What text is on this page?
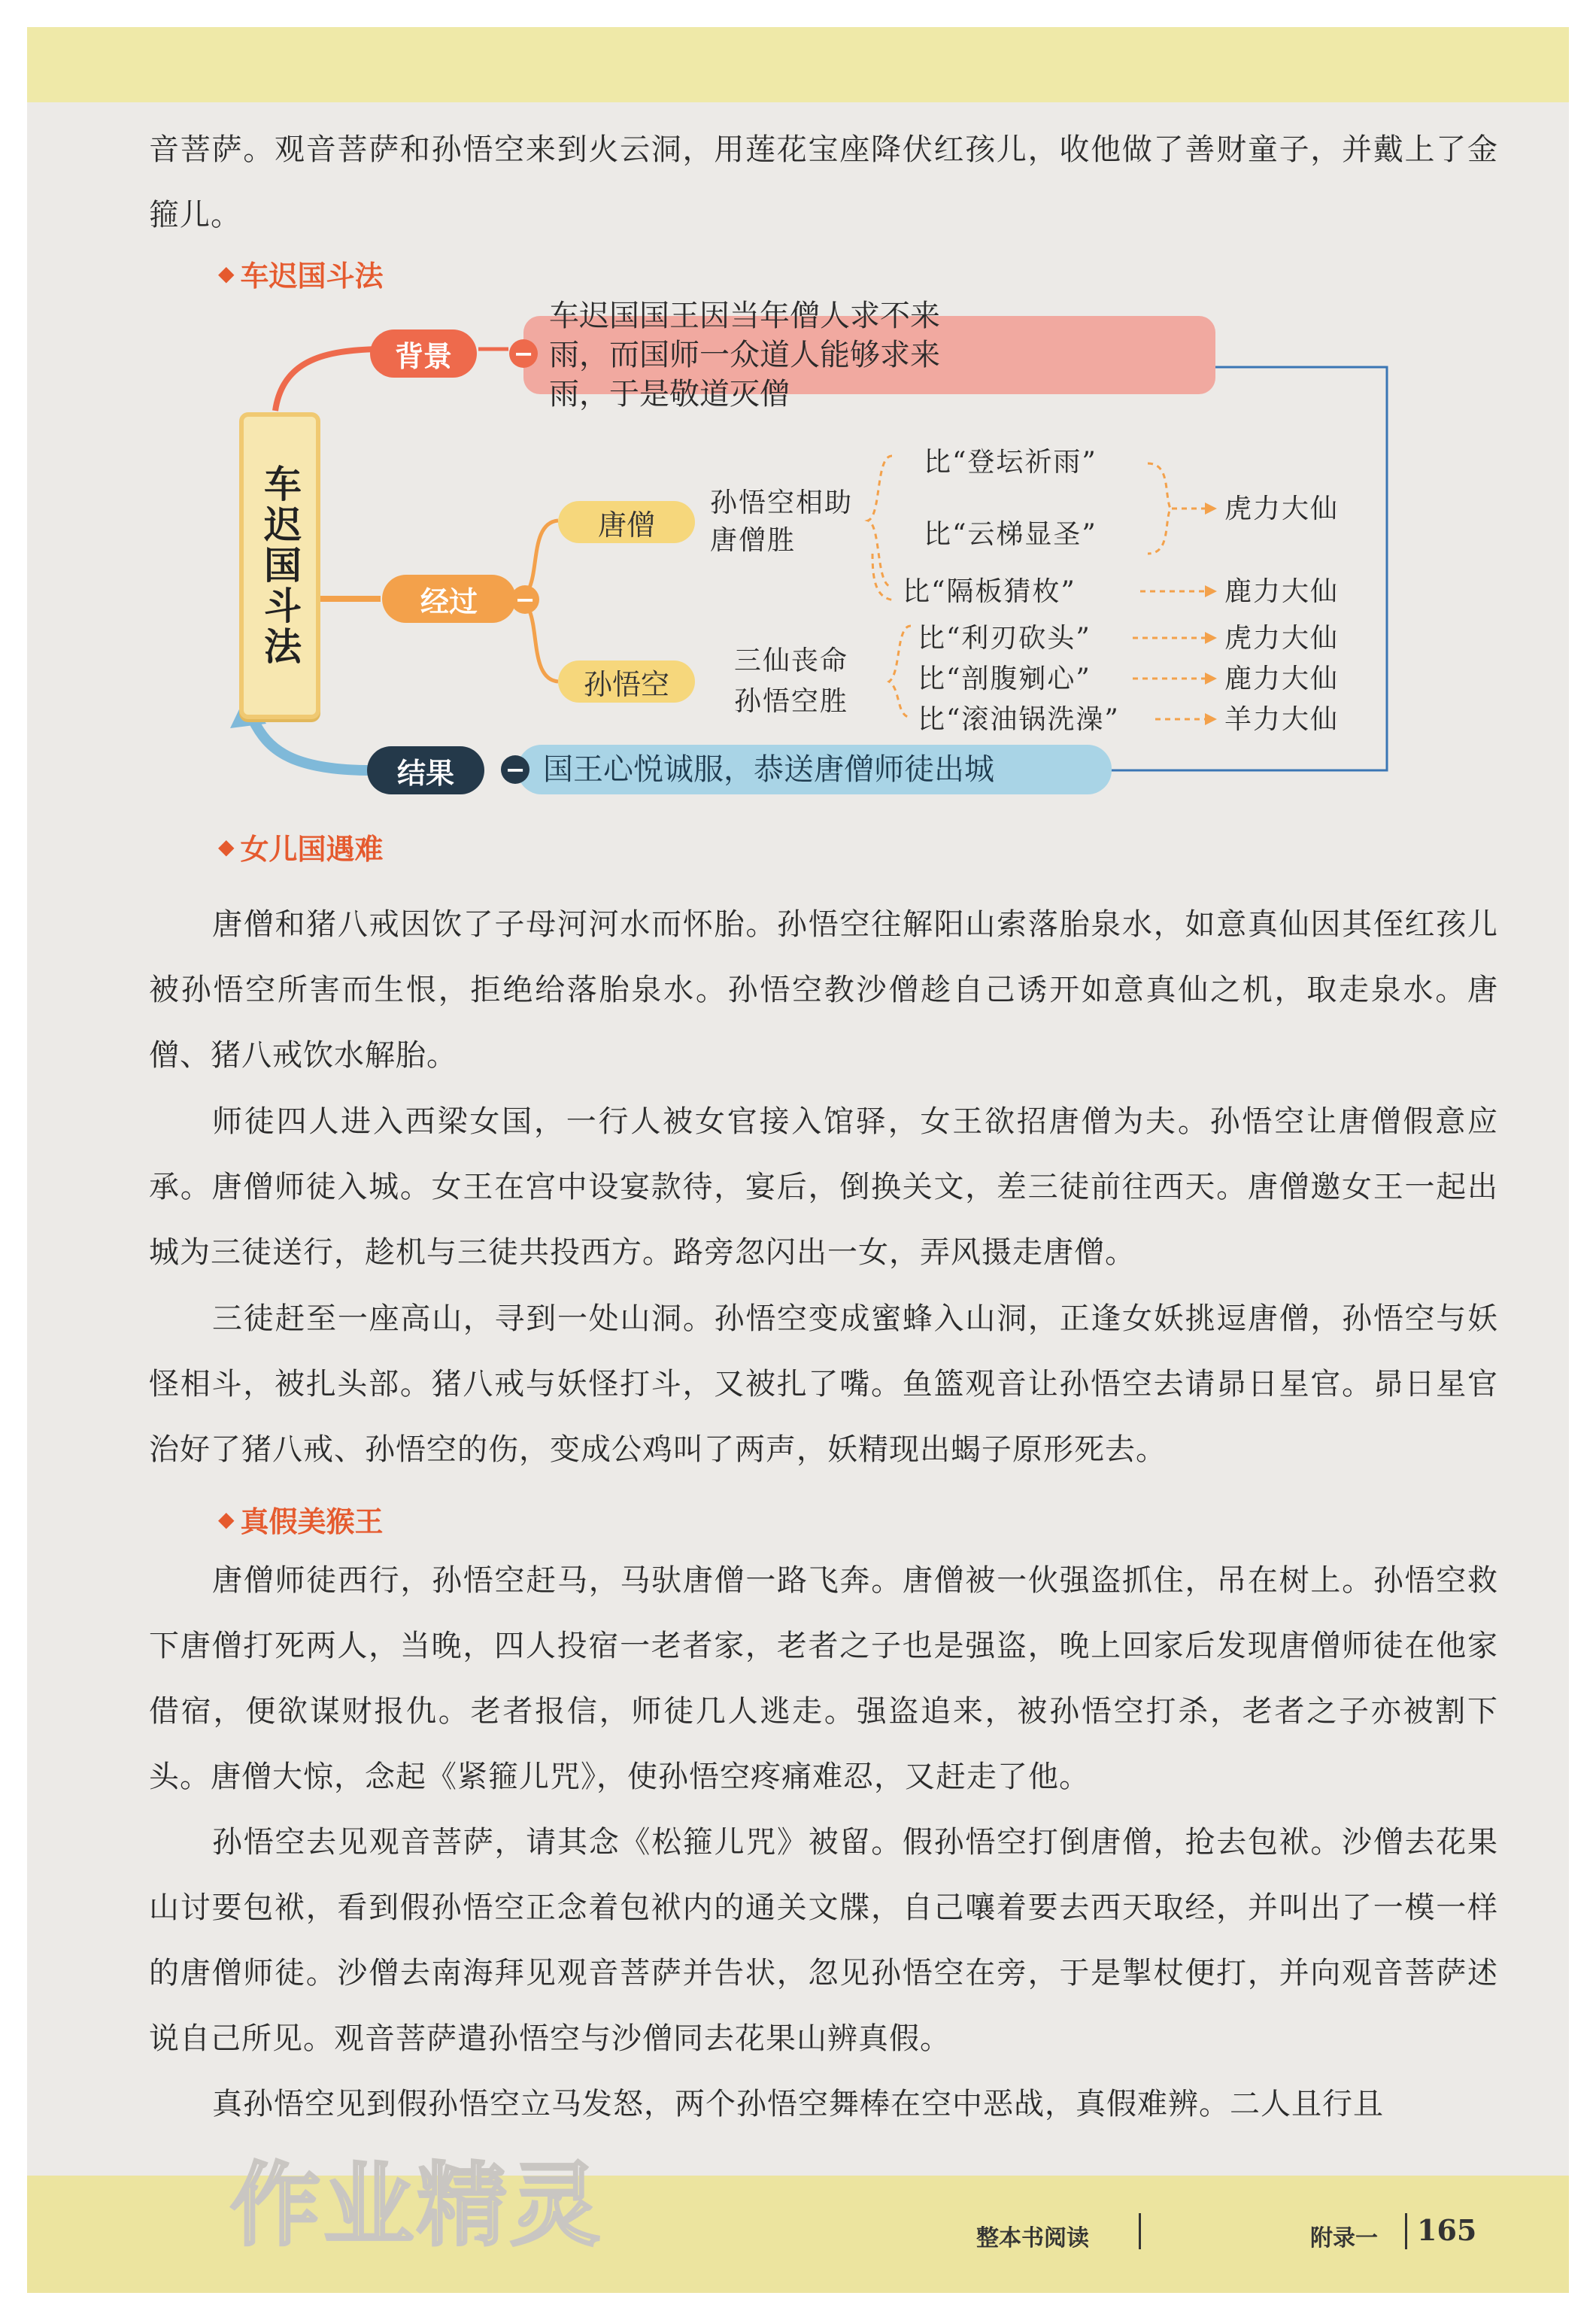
音菩萨。观音菩萨和孙悟空来到火云洞，用莲花宝座降伏红孩儿，收他做了善财童子，并戴上了金箍儿。

◆ 车迟国斗法
车迟国斗法
背景
车迟国国王因当年僧人求不来雨，而国师一众道人能够求来雨，于是敬道灭僧
−
经过	−
唐僧
孙悟空
孙悟空相助
唐僧胜
比“登坛祈雨”
比“云梯显圣”
虎力大仙
比“隔板猜枚”	鹿力大仙
三仙丧命
孙悟空胜
比“利刃砍头”	虎力大仙
比“剖腹剜心”	鹿力大仙
比“滚油锅洗澡”	羊力大仙
结果	国王心悦诚服，恭送唐僧师徒出城
−
◆ 女儿国遇难

唐僧和猪八戒因饮了子母河河水而怀胎。孙悟空往解阳山索落胎泉水，如意真仙因其侄红孩儿被孙悟空所害而生恨，拒绝给落胎泉水。孙悟空教沙僧趁自己诱开如意真仙之机，取走泉水。唐僧、猪八戒饮水解胎。

师徒四人进入西梁女国，一行人被女官接入馆驿，女王欲招唐僧为夫。孙悟空让唐僧假意应承。唐僧师徒入城。女王在宫中设宴款待，宴后，倒换关文，差三徒前往西天。唐僧邀女王一起出城为三徒送行，趁机与三徒共投西方。路旁忽闪出一女，弄风摄走唐僧。

三徒赶至一座高山，寻到一处山洞。孙悟空变成蜜蜂入山洞，正逢女妖挑逗唐僧，孙悟空与妖怪相斗，被扎头部。猪八戒与妖怪打斗，又被扎了嘴。鱼篮观音让孙悟空去请昴日星官。昴日星官治好了猪八戒、孙悟空的伤，变成公鸡叫了两声，妖精现出蝎子原形死去。

◆ 真假美猴王

唐僧师徒西行，孙悟空赶马，马驮唐僧一路飞奔。唐僧被一伙强盗抓住，吊在树上。孙悟空救下唐僧打死两人，当晚，四人投宿一老者家，老者之子也是强盗，晚上回家后发现唐僧师徒在他家借宿，便欲谋财报仇。老者报信，师徒几人逃走。强盗追来，被孙悟空打杀，老者之子亦被割下头。唐僧大惊，念起《紧箍儿咒》，使孙悟空疼痛难忍，又赶走了他。

孙悟空去见观音菩萨，请其念《松箍儿咒》被留。假孙悟空打倒唐僧，抢去包袱。沙僧去花果山讨要包袱，看到假孙悟空正念着包袱内的通关文牒，自己嚷着要去西天取经，并叫出了一模一样的唐僧师徒。沙僧去南海拜见观音菩萨并告状，忽见孙悟空在旁，于是掣杖便打，并向观音菩萨述说自己所见。观音菩萨遣孙悟空与沙僧同去花果山辨真假。

真孙悟空见到假孙悟空立马发怒，两个孙悟空舞棒在空中恶战，真假难辨。二人且行且

作业精灵	整本书阅读	附录一 165
